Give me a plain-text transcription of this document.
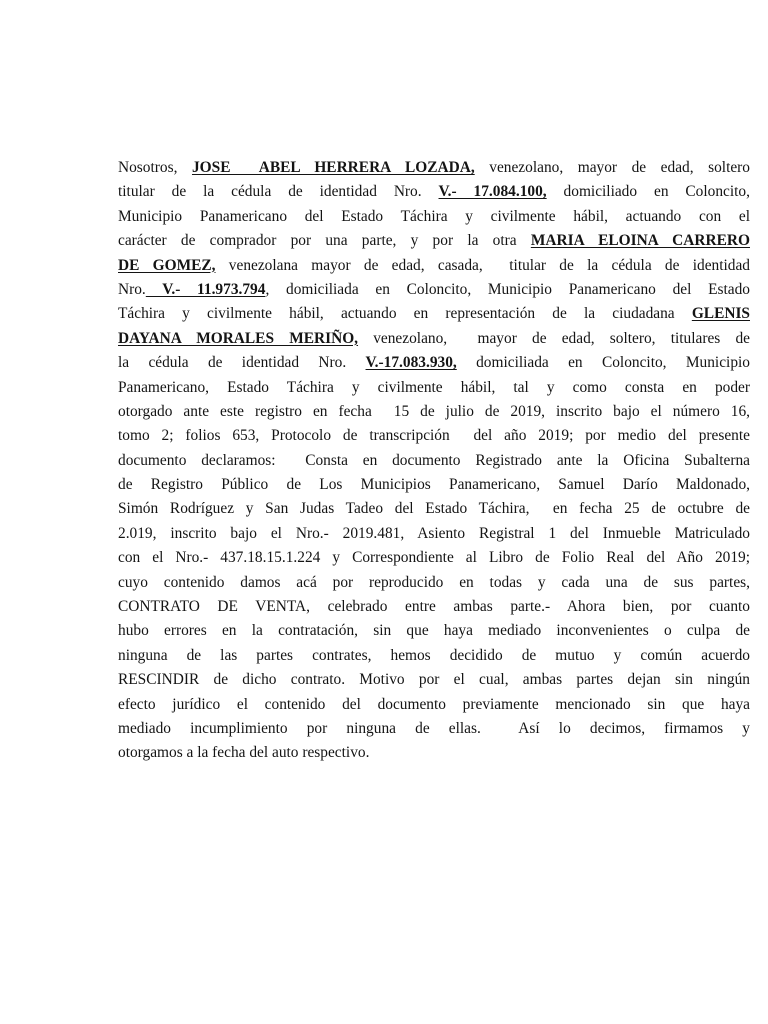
Nosotros, JOSE  ABEL HERRERA LOZADA, venezolano, mayor de edad, soltero
titular de la cédula de identidad Nro. V.- 17.084.100, domiciliado en Coloncito,
Municipio Panamericano del Estado Táchira y civilmente hábil, actuando con el
carácter de comprador por una parte, y por la otra MARIA ELOINA CARRERO
DE GOMEZ, venezolana mayor de edad, casada,  titular de la cédula de identidad
Nro. V.- 11.973.794, domiciliada en Coloncito, Municipio Panamericano del Estado
Táchira y civilmente hábil, actuando en representación de la ciudadana GLENIS
DAYANA MORALES MERIÑO, venezolano,  mayor de edad, soltero, titulares de
la cédula de identidad Nro. V.-17.083.930, domiciliada en Coloncito, Municipio
Panamericano, Estado Táchira y civilmente hábil, tal y como consta en poder
otorgado ante este registro en fecha  15 de julio de 2019, inscrito bajo el número 16,
tomo 2; folios 653, Protocolo de transcripción  del año 2019; por medio del presente
documento declaramos:  Consta en documento Registrado ante la Oficina Subalterna
de Registro Público de Los Municipios Panamericano, Samuel Darío Maldonado,
Simón Rodríguez y San Judas Tadeo del Estado Táchira,  en fecha 25 de octubre de
2.019, inscrito bajo el Nro.- 2019.481, Asiento Registral 1 del Inmueble Matriculado
con el Nro.- 437.18.15.1.224 y Correspondiente al Libro de Folio Real del Año 2019;
cuyo contenido damos acá por reproducido en todas y cada una de sus partes,
CONTRATO DE VENTA, celebrado entre ambas parte.- Ahora bien, por cuanto
hubo errores en la contratación, sin que haya mediado inconvenientes o culpa de
ninguna de las partes contrates, hemos decidido de mutuo y común acuerdo
RESCINDIR de dicho contrato. Motivo por el cual, ambas partes dejan sin ningún
efecto jurídico el contenido del documento previamente mencionado sin que haya
mediado incumplimiento por ninguna de ellas.  Así lo decimos, firmamos y
otorgamos a la fecha del auto respectivo.
